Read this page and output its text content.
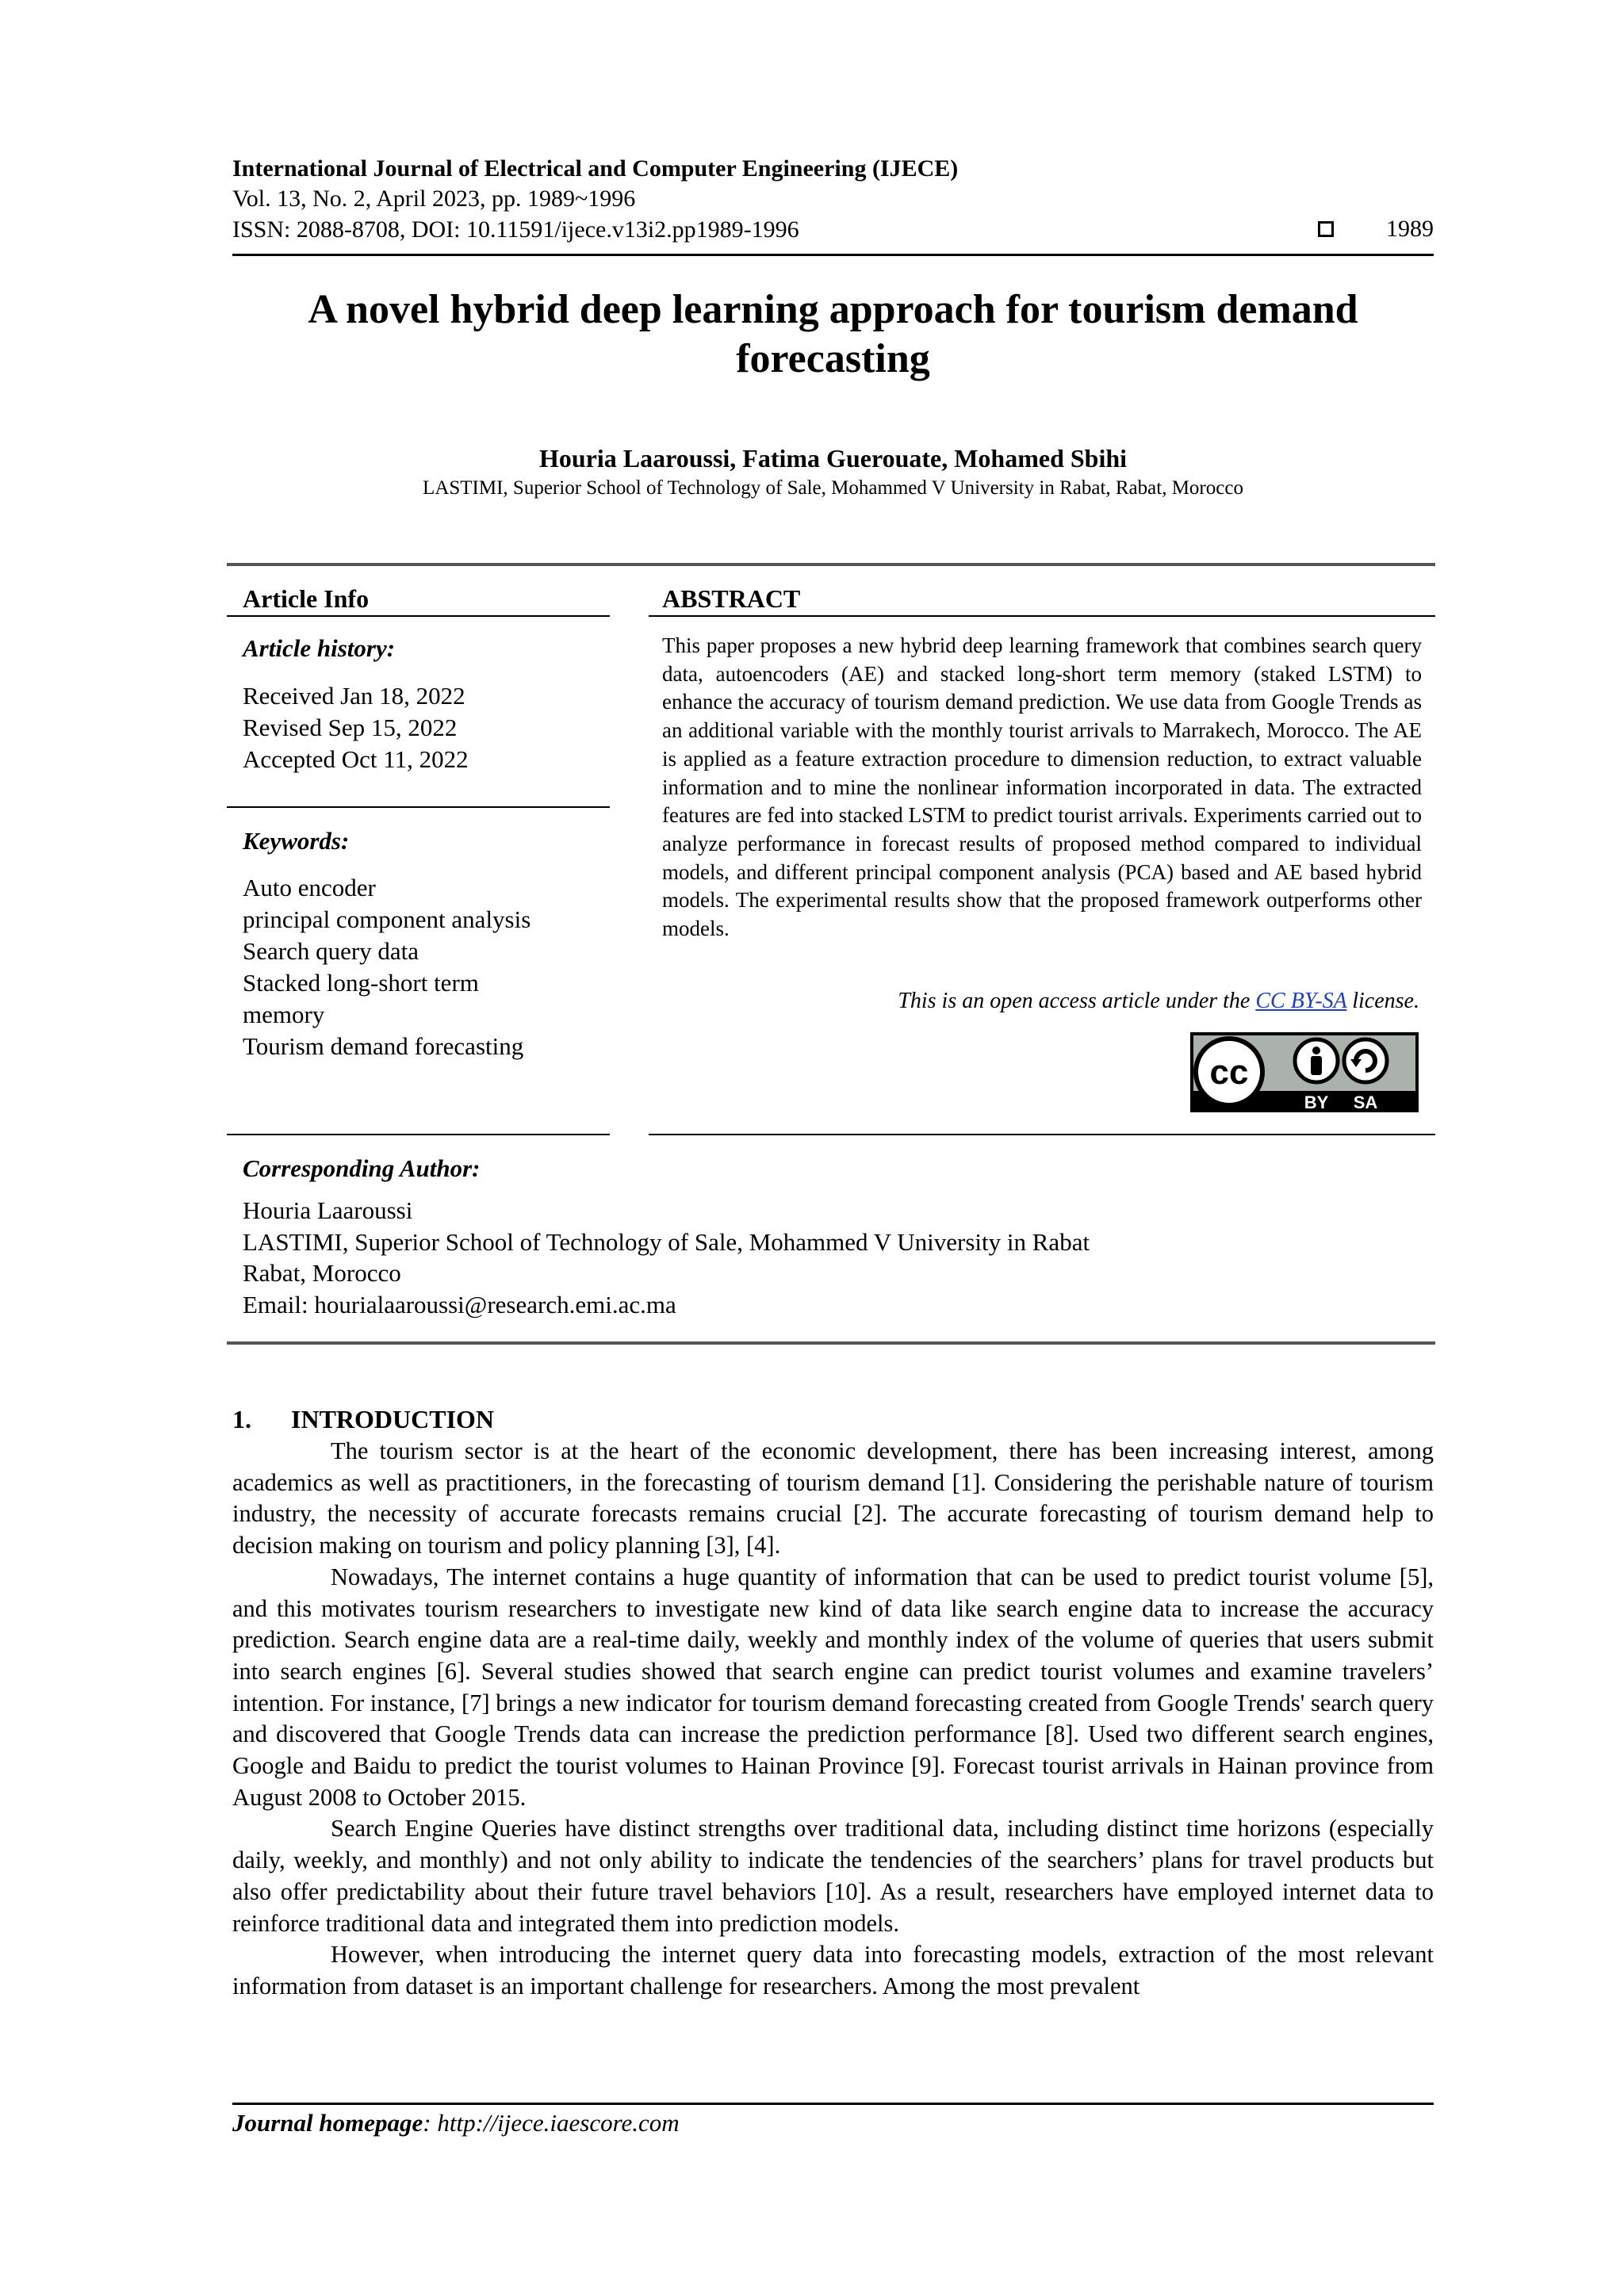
International Journal of Electrical and Computer Engineering (IJECE)
Vol. 13, No. 2, April 2023, pp. 1989~1996
ISSN: 2088-8708, DOI: 10.11591/ijece.v13i2.pp1989-1996	1989
A novel hybrid deep learning approach for tourism demand forecasting
Houria Laaroussi, Fatima Guerouate, Mohamed Sbihi
LASTIMI, Superior School of Technology of Sale, Mohammed V University in Rabat, Rabat, Morocco
Article Info
Article history:
Received Jan 18, 2022
Revised Sep 15, 2022
Accepted Oct 11, 2022
Keywords:
Auto encoder
principal component analysis
Search query data
Stacked long-short term
memory
Tourism demand forecasting
ABSTRACT
This paper proposes a new hybrid deep learning framework that combines search query data, autoencoders (AE) and stacked long-short term memory (staked LSTM) to enhance the accuracy of tourism demand prediction. We use data from Google Trends as an additional variable with the monthly tourist arrivals to Marrakech, Morocco. The AE is applied as a feature extraction procedure to dimension reduction, to extract valuable information and to mine the nonlinear information incorporated in data. The extracted features are fed into stacked LSTM to predict tourist arrivals. Experiments carried out to analyze performance in forecast results of proposed method compared to individual models, and different principal component analysis (PCA) based and AE based hybrid models. The experimental results show that the proposed framework outperforms other models.
This is an open access article under the CC BY-SA license.
cc
BY SA
Corresponding Author:
Houria Laaroussi
LASTIMI, Superior School of Technology of Sale, Mohammed V University in Rabat
Rabat, Morocco
Email: hourialaaroussi@research.emi.ac.ma
1. INTRODUCTION

The tourism sector is at the heart of the economic development, there has been increasing interest, among academics as well as practitioners, in the forecasting of tourism demand [1]. Considering the perishable nature of tourism industry, the necessity of accurate forecasts remains crucial [2]. The accurate forecasting of tourism demand help to decision making on tourism and policy planning [3], [4].

Nowadays, The internet contains a huge quantity of information that can be used to predict tourist volume [5], and this motivates tourism researchers to investigate new kind of data like search engine data to increase the accuracy prediction. Search engine data are a real-time daily, weekly and monthly index of the volume of queries that users submit into search engines [6]. Several studies showed that search engine can predict tourist volumes and examine travelers’ intention. For instance, [7] brings a new indicator for tourism demand forecasting created from Google Trends' search query and discovered that Google Trends data can increase the prediction performance [8]. Used two different search engines, Google and Baidu to predict the tourist volumes to Hainan Province [9]. Forecast tourist arrivals in Hainan province from August 2008 to October 2015.

Search Engine Queries have distinct strengths over traditional data, including distinct time horizons (especially daily, weekly, and monthly) and not only ability to indicate the tendencies of the searchers’ plans for travel products but also offer predictability about their future travel behaviors [10]. As a result, researchers have employed internet data to reinforce traditional data and integrated them into prediction models.

However, when introducing the internet query data into forecasting models, extraction of the most relevant information from dataset is an important challenge for researchers. Among the most prevalent

Journal homepage: http://ijece.iaescore.com
